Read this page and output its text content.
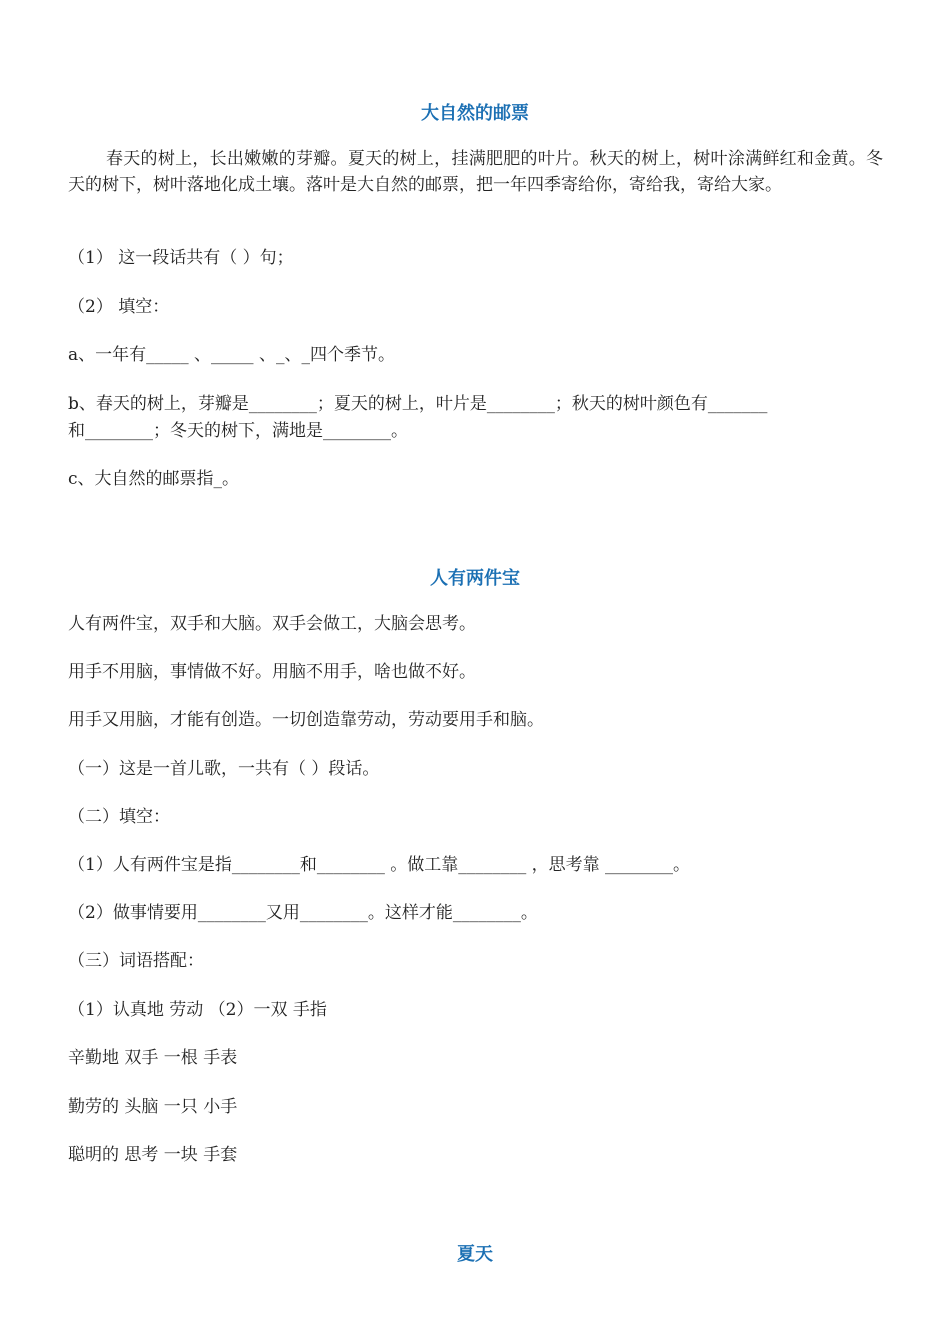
大自然的邮票
春天的树上，长出嫩嫩的芽瓣。夏天的树上，挂满肥肥的叶片。秋天的树上，树叶涂满鲜红和金黄。冬天的树下，树叶落地化成土壤。落叶是大自然的邮票，把一年四季寄给你，寄给我，寄给大家。
（1） 这一段话共有（ ）句；
（2） 填空：
a、一年有_____ 、_____ 、_、_四个季节。
b、春天的树上，芽瓣是________；夏天的树上，叶片是________；秋天的树叶颜色有_______
和________；冬天的树下，满地是________。
c、大自然的邮票指_。
人有两件宝
人有两件宝，双手和大脑。双手会做工，大脑会思考。
用手不用脑，事情做不好。用脑不用手，啥也做不好。
用手又用脑，才能有创造。一切创造靠劳动，劳动要用手和脑。
（一）这是一首儿歌，一共有（ ）段话。
（二）填空：
（1）人有两件宝是指________和________ 。做工靠________ ，思考靠 ________。
（2）做事情要用________又用________。这样才能________。
（三）词语搭配：
（1）认真地 劳动 （2）一双 手指
辛勤地 双手 一根 手表
勤劳的 头脑 一只 小手
聪明的 思考 一块 手套
夏天
